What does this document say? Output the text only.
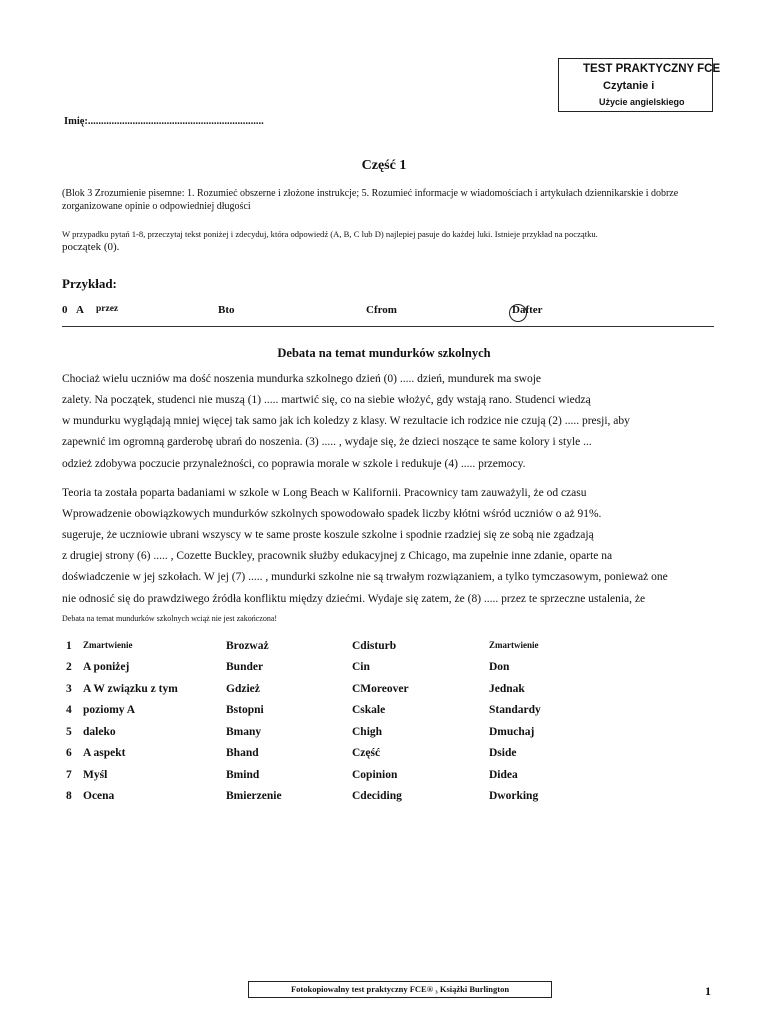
TEST PRAKTYCZNY FCE
Czytanie i
Użycie angielskiego
Imię:...................................................................
Część 1
(Blok 3 Zrozumienie pisemne: 1. Rozumieć obszerne i złożone instrukcje; 5. Rozumieć informacje w wiadomościach i artykułach dziennikarskie i dobrze zorganizowane opinie o odpowiedniej długości
W przypadku pytań 1-8, przeczytaj tekst poniżej i zdecyduj, która odpowiedź (A, B, C lub D) najlepiej pasuje do każdej luki. Istnieje przykład na początku.
początek (0).
Przykład:
0 A przez	Bto	Cfrom	Dafter
Debata na temat mundurków szkolnych
Chociaż wielu uczniów ma dość noszenia mundurka szkolnego dzień (0) ..... dzień, mundurek ma swoje
zalety. Na początek, studenci nie muszą (1) ..... martwić się, co na siebie włożyć, gdy wstają rano. Studenci wiedzą
w mundurku wyglądają mniej więcej tak samo jak ich koledzy z klasy. W rezultacie ich rodzice nie czują (2) ..... presji, aby
zapewnić im ogromną garderobę ubrań do noszenia. (3) ..... , wydaje się, że dzieci noszące te same kolory i style ...
odzież zdobywa poczucie przynależności, co poprawia morale w szkole i redukuje (4) ..... przemocy.
Teoria ta została poparta badaniami w szkole w Long Beach w Kalifornii. Pracownicy tam zauważyli, że od czasu
Wprowadzenie obowiązkowych mundurków szkolnych spowodowało spadek liczby kłótni wśród uczniów o aż 91%.
sugeruje, że uczniowie ubrani wszyscy w te same proste koszule szkolne i spodnie rzadziej się ze sobą nie zgadzają
z drugiej strony (6) ..... , Cozette Buckley, pracownik służby edukacyjnej z Chicago, ma zupełnie inne zdanie, oparte na
doświadczenie w jej szkołach. W jej (7) ..... , mundurki szkolne nie są trwałym rozwiązaniem, a tylko tymczasowym, ponieważ one
nie odnosić się do prawdziwego źródła konfliktu między dziećmi. Wydaje się zatem, że (8) ..... przez te sprzeczne ustalenia, że
Debata na temat mundurków szkolnych wciąż nie jest zakończona!
1 Zmartwienie	Brozważ	Cdisturb	Zmartwienie
2 A poniżej	Bunder	Cin	Don
3 A W związku z tym	Gdzież	CMoreover	Jednak
4 poziomy A	Bstopni	Cskale	Standardy
5 daleko	Bmany	Chigh	Dmuchaj
6 A aspekt	Bhand	Część	Dside
7 Myśl	Bmind	Copinion	Didea
8 Ocena	Bmierzenie	Cdeciding	Dworking
Fotokopiowalny test praktyczny FCE® ₃ Książki Burlington	1
